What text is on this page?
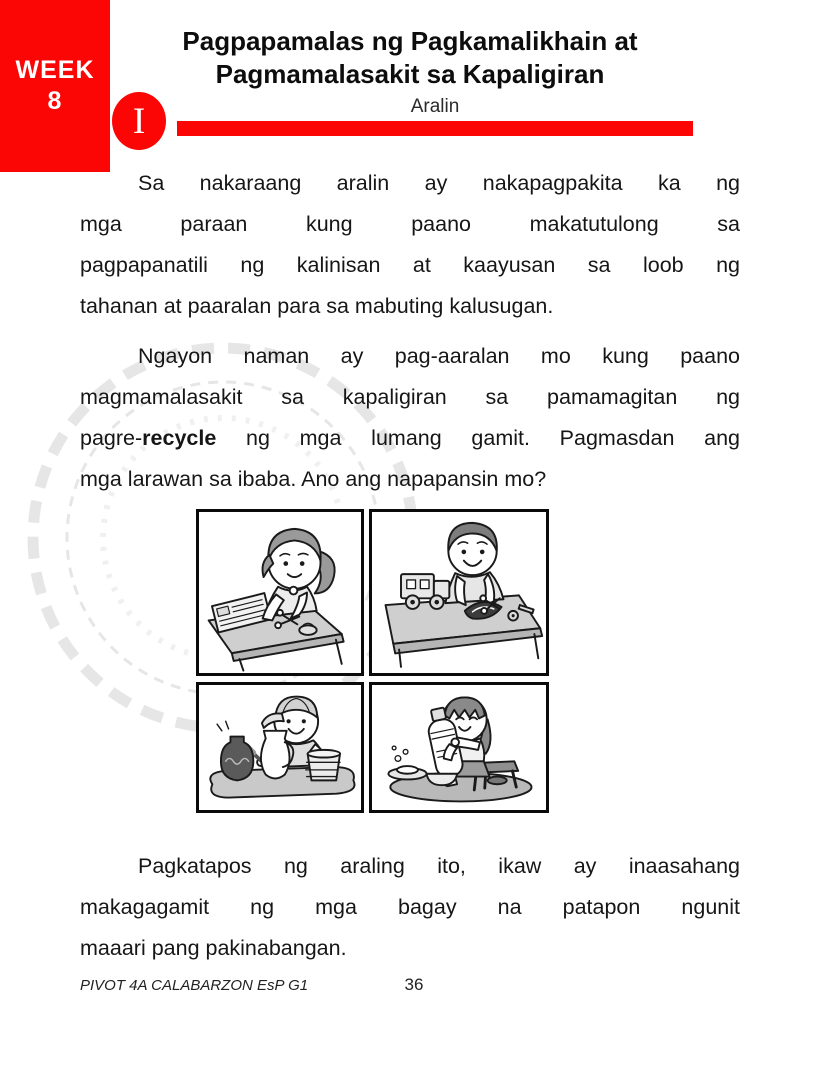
WEEK
8
Pagpapamalas ng Pagkamalikhain at
Pagmamalasakit sa Kapaligiran
I	Aralin
Sa nakaraang aralin ay nakapagpakita ka ng
mga paraan kung paano makatutulong sa
pagpapanatili ng kalinisan at kaayusan sa loob ng
tahanan at paaralan para sa mabuting kalusugan.
Ngayon naman ay pag-aaralan mo kung paano
magmamalasakit sa kapaligiran sa pamamagitan ng
pagre-recycle ng mga lumang gamit. Pagmasdan ang
mga larawan sa ibaba. Ano ang napapansin mo?
Pagkatapos ng araling ito, ikaw ay inaasahang
makagagamit ng mga bagay na patapon ngunit
maaari pang pakinabangan.
PIVOT 4A CALABARZON EsP G1	36
